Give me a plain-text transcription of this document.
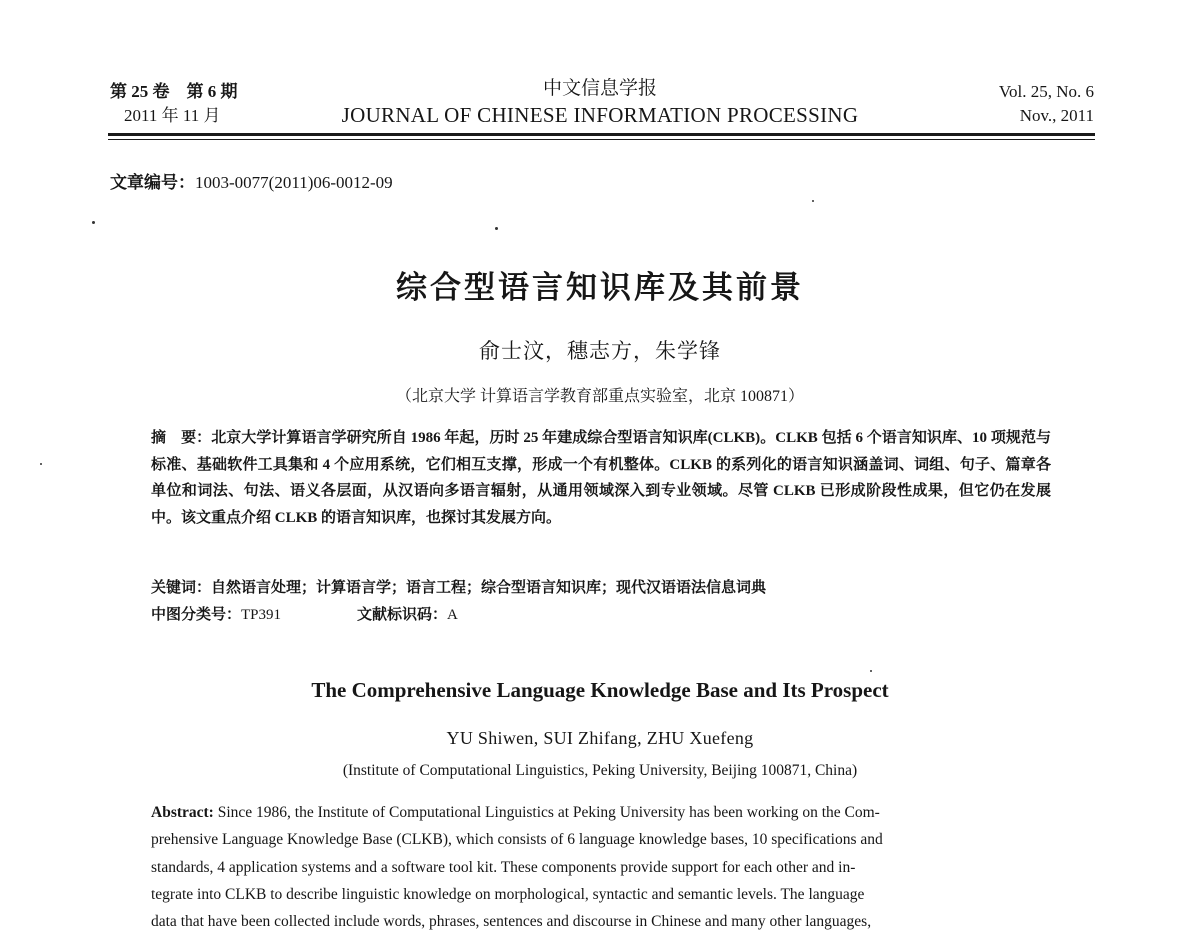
第 25 卷　第 6 期
2011 年 11 月
中文信息学报
JOURNAL OF CHINESE INFORMATION PROCESSING
Vol. 25, No. 6
Nov., 2011
文章编号：1003-0077(2011)06-0012-09
综合型语言知识库及其前景
俞士汶，穗志方，朱学锋
（北京大学 计算语言学教育部重点实验室，北京 100871）
摘　要：北京大学计算语言学研究所自 1986 年起，历时 25 年建成综合型语言知识库(CLKB)。CLKB 包括 6 个语言知识库、10 项规范与标准、基础软件工具集和 4 个应用系统，它们相互支撑，形成一个有机整体。CLKB 的系列化的语言知识涵盖词、词组、句子、篇章各单位和词法、句法、语义各层面，从汉语向多语言辐射，从通用领域深入到专业领域。尽管 CLKB 已形成阶段性成果，但它仍在发展中。该文重点介绍 CLKB 的语言知识库，也探讨其发展方向。
关键词：自然语言处理；计算语言学；语言工程；综合型语言知识库；现代汉语语法信息词典
中图分类号：TP391	文献标识码：A
The Comprehensive Language Knowledge Base and Its Prospect
YU Shiwen, SUI Zhifang, ZHU Xuefeng
(Institute of Computational Linguistics, Peking University, Beijing 100871, China)

Abstract: Since 1986, the Institute of Computational Linguistics at Peking University has been working on the Com-

prehensive Language Knowledge Base (CLKB), which consists of 6 language knowledge bases, 10 specifications and

standards, 4 application systems and a software tool kit. These components provide support for each other and in-

tegrate into CLKB to describe linguistic knowledge on morphological, syntactic and semantic levels. The language

data that have been collected include words, phrases, sentences and discourse in Chinese and many other languages,
